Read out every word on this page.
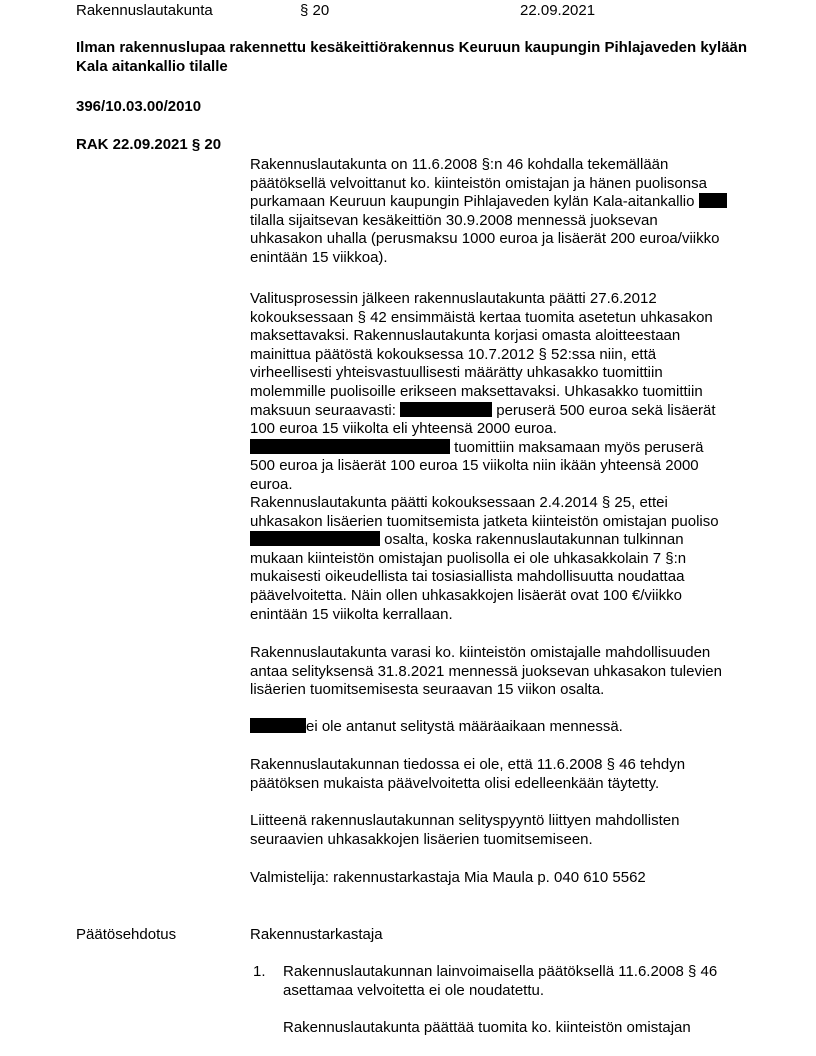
Rakennuslautakunta	§ 20	22.09.2021
Ilman rakennuslupaa rakennettu kesäkeittiörakennus Keuruun kaupungin Pihlajaveden kylään Kala aitankallio tilalle
396/10.03.00/2010
RAK 22.09.2021 § 20
Rakennuslautakunta on 11.6.2008 §:n 46 kohdalla tekemällään päätöksellä velvoittanut ko. kiinteistön omistajan ja hänen puolisonsa purkamaan Keuruun kaupungin Pihlajaveden kylän Kala-aitankallio  tilalla sijaitsevan kesäkeittiön 30.9.2008 mennessä juoksevan uhkasakon uhalla (perusmaksu 1000 euroa ja lisäerät 200 euroa/viikko enintään 15 viikkoa).
Valitusprosessin jälkeen rakennuslautakunta päätti 27.6.2012 kokouksessaan § 42 ensimmäistä kertaa tuomita asetetun uhkasakon maksettavaksi. Rakennuslautakunta korjasi omasta aloitteestaan mainittua päätöstä kokouksessa 10.7.2012 § 52:ssa niin, että virheellisesti yhteisvastuullisesti määrätty uhkasakko tuomittiin molemmille puolisoille erikseen maksettavaksi. Uhkasakko tuomittiin maksuun seuraavasti:	peruserä 500 euroa sekä lisäerät 100 euroa 15 viikolta eli yhteensä 2000 euroa.  tuomittiin maksamaan myös peruserä 500 euroa ja lisäerät 100 euroa 15 viikolta niin ikään yhteensä 2000 euroa.
Rakennuslautakunta päätti kokouksessaan 2.4.2014 § 25, ettei uhkasakon lisäerien tuomitsemista jatketa kiinteistön omistajan puoliso  osalta, koska rakennuslautakunnan tulkinnan mukaan kiinteistön omistajan puolisolla ei ole uhkasakkolain 7 §:n mukaisesti oikeudellista tai tosiasiallista mahdollisuutta noudattaa päävelvoitetta. Näin ollen uhkasakkojen lisäerät ovat 100 €/viikko enintään 15 viikolta kerrallaan.
Rakennuslautakunta varasi ko. kiinteistön omistajalle mahdollisuuden antaa selityksensä 31.8.2021 mennessä juoksevan uhkasakon tulevien lisäerien tuomitsemisesta seuraavan 15 viikon osalta.
ei ole antanut selitystä määräaikaan mennessä.
Rakennuslautakunnan tiedossa ei ole, että 11.6.2008 § 46 tehdyn päätöksen mukaista päävelvoitetta olisi edelleenkään täytetty.
Liitteenä rakennuslautakunnan selityspyyntö liittyen mahdollisten seuraavien uhkasakkojen lisäerien tuomitsemiseen.
Valmistelija: rakennustarkastaja Mia Maula p. 040 610 5562
Päätösehdotus	Rakennustarkastaja
1. Rakennuslautakunnan lainvoimaisella päätöksellä 11.6.2008 § 46 asettamaa velvoitetta ei ole noudatettu.
Rakennuslautakunta päättää tuomita ko. kiinteistön omistajan
